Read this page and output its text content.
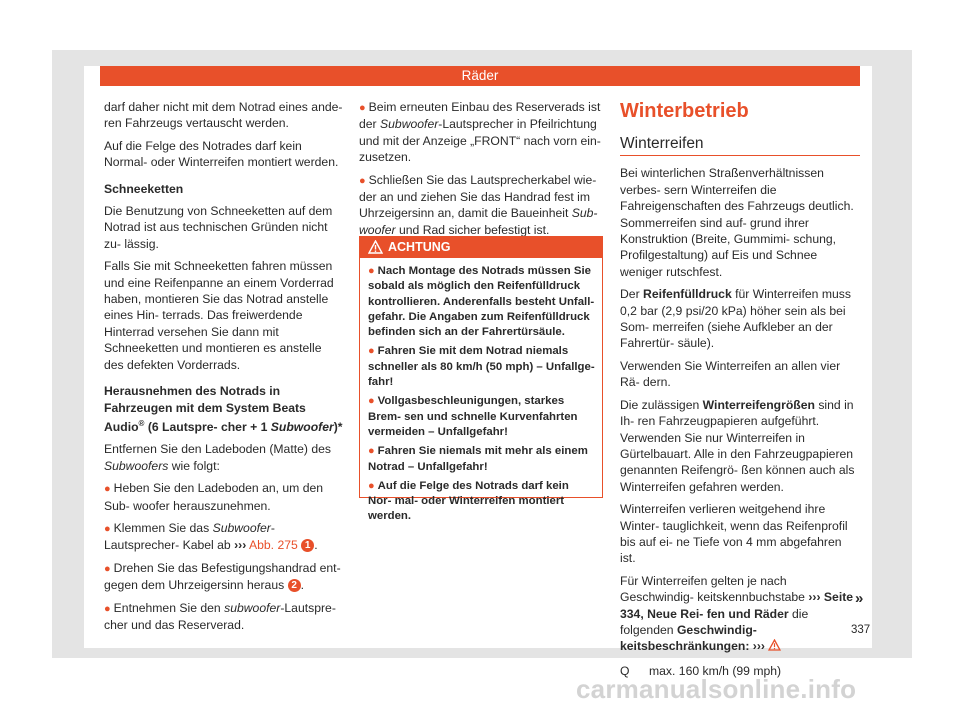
Räder

darf daher nicht mit dem Notrad eines ande- ren Fahrzeugs vertauscht werden.

Auf die Felge des Notrades darf kein Normal- oder Winterreifen montiert werden.

Schneeketten

Die Benutzung von Schneeketten auf dem Notrad ist aus technischen Gründen nicht zu- lässig.

Falls Sie mit Schneeketten fahren müssen und eine Reifenpanne an einem Vorderrad haben, montieren Sie das Notrad anstelle eines Hin- terrads. Das freiwerdende Hinterrad versehen Sie dann mit Schneeketten und montieren es anstelle des defekten Vorderrads.

Herausnehmen des Notrads in Fahrzeugen mit dem System Beats Audio® (6 Lautspre- cher + 1 Subwoofer)*

Entfernen Sie den Ladeboden (Matte) des Subwoofers wie folgt:

● Heben Sie den Ladeboden an, um den Sub- woofer herauszunehmen.

● Klemmen Sie das Subwoofer-Lautsprecher- Kabel ab ››› Abb. 275 1 .

● Drehen Sie das Befestigungshandrad ent- gegen dem Uhrzeigersinn heraus 2 .

● Entnehmen Sie den subwoofer-Lautspre- cher und das Reserverad.

● Beim erneuten Einbau des Reserverads ist der Subwoofer-Lautsprecher in Pfeilrichtung und mit der Anzeige „FRONT“ nach vorn ein- zusetzen.

● Schließen Sie das Lautsprecherkabel wie- der an und ziehen Sie das Handrad fest im Uhrzeigersinn an, damit die Baueinheit Sub- woofer und Rad sicher befestigt ist.

ACHTUNG

● Nach Montage des Notrads müssen Sie sobald als möglich den Reifenfülldruck kontrollieren. Anderenfalls besteht Unfall- gefahr. Die Angaben zum Reifenfülldruck befinden sich an der Fahrertürsäule.

● Fahren Sie mit dem Notrad niemals schneller als 80 km/h (50 mph) – Unfallge- fahr!

● Vollgasbeschleunigungen, starkes Brem- sen und schnelle Kurvenfahrten vermeiden – Unfallgefahr!

● Fahren Sie niemals mit mehr als einem Notrad – Unfallgefahr!

● Auf die Felge des Notrads darf kein Nor- mal- oder Winterreifen montiert werden.

Winterbetrieb

Winterreifen

Bei winterlichen Straßenverhältnissen verbes- sern Winterreifen die Fahreigenschaften des Fahrzeugs deutlich. Sommerreifen sind auf- grund ihrer Konstruktion (Breite, Gummimi- schung, Profilgestaltung) auf Eis und Schnee weniger rutschfest.

Der Reifenfülldruck für Winterreifen muss 0,2 bar (2,9 psi/20 kPa) höher sein als bei Som- merreifen (siehe Aufkleber an der Fahrertür- säule).

Verwenden Sie Winterreifen an allen vier Rä- dern.

Die zulässigen Winterreifengrößen sind in Ih- ren Fahrzeugpapieren aufgeführt. Verwenden Sie nur Winterreifen in Gürtelbauart. Alle in den Fahrzeugpapieren genannten Reifengrö- ßen können auch als Winterreifen gefahren werden.

Winterreifen verlieren weitgehend ihre Winter- tauglichkeit, wenn das Reifenprofil bis auf ei- ne Tiefe von 4 mm abgefahren ist.

Für Winterreifen gelten je nach Geschwindig- keitskennbuchstabe ››› Seite 334, Neue Rei- fen und Räder die folgenden Geschwindig- keitsbeschränkungen: ›››

Q	max. 160 km/h (99 mph)
»
337
carmanualsonline.info
